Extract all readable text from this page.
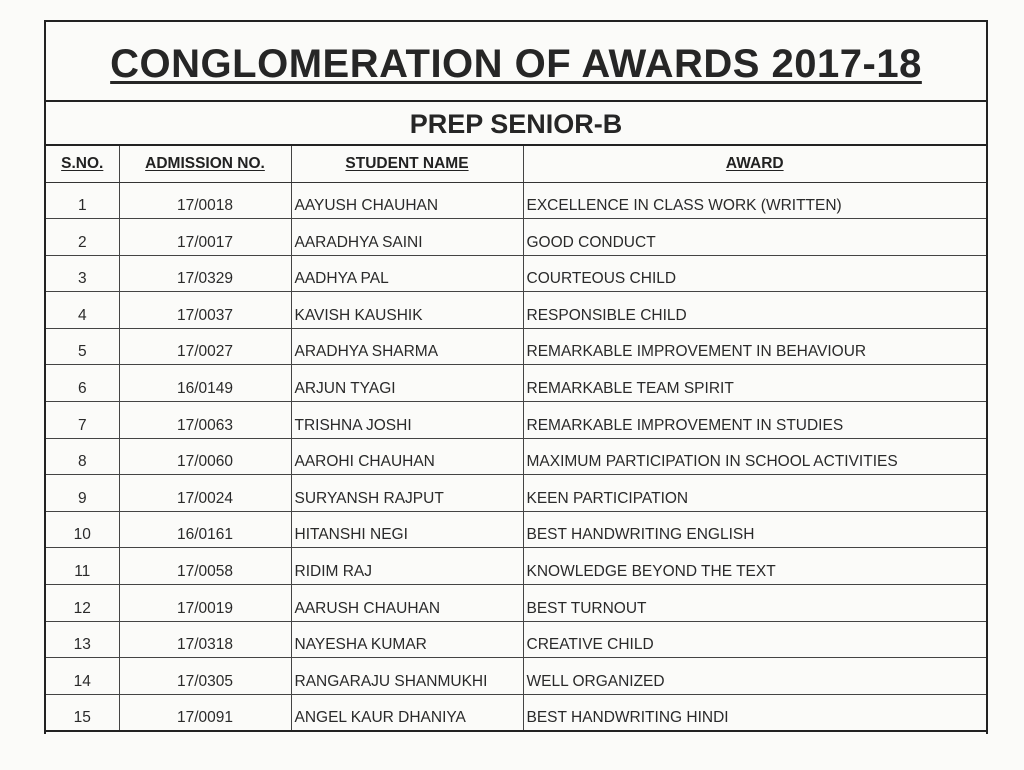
CONGLOMERATION OF AWARDS 2017-18
PREP SENIOR-B
S.NO.	ADMISSION NO.	STUDENT NAME	AWARD
1	17/0018	AAYUSH CHAUHAN	EXCELLENCE IN CLASS WORK (WRITTEN)
2	17/0017	AARADHYA SAINI	GOOD CONDUCT
3	17/0329	AADHYA PAL	COURTEOUS CHILD
4	17/0037	KAVISH KAUSHIK	RESPONSIBLE CHILD
5	17/0027	ARADHYA SHARMA	REMARKABLE IMPROVEMENT IN BEHAVIOUR
6	16/0149	ARJUN TYAGI	REMARKABLE TEAM SPIRIT
7	17/0063	TRISHNA JOSHI	REMARKABLE IMPROVEMENT IN STUDIES
8	17/0060	AAROHI CHAUHAN	MAXIMUM PARTICIPATION IN SCHOOL ACTIVITIES
9	17/0024	SURYANSH RAJPUT	KEEN PARTICIPATION
10	16/0161	HITANSHI NEGI	BEST HANDWRITING ENGLISH
11	17/0058	RIDIM RAJ	KNOWLEDGE BEYOND THE TEXT
12	17/0019	AARUSH CHAUHAN	BEST TURNOUT
13	17/0318	NAYESHA KUMAR	CREATIVE CHILD
14	17/0305	RANGARAJU SHANMUKHI	WELL ORGANIZED
15	17/0091	ANGEL KAUR DHANIYA	BEST HANDWRITING HINDI
